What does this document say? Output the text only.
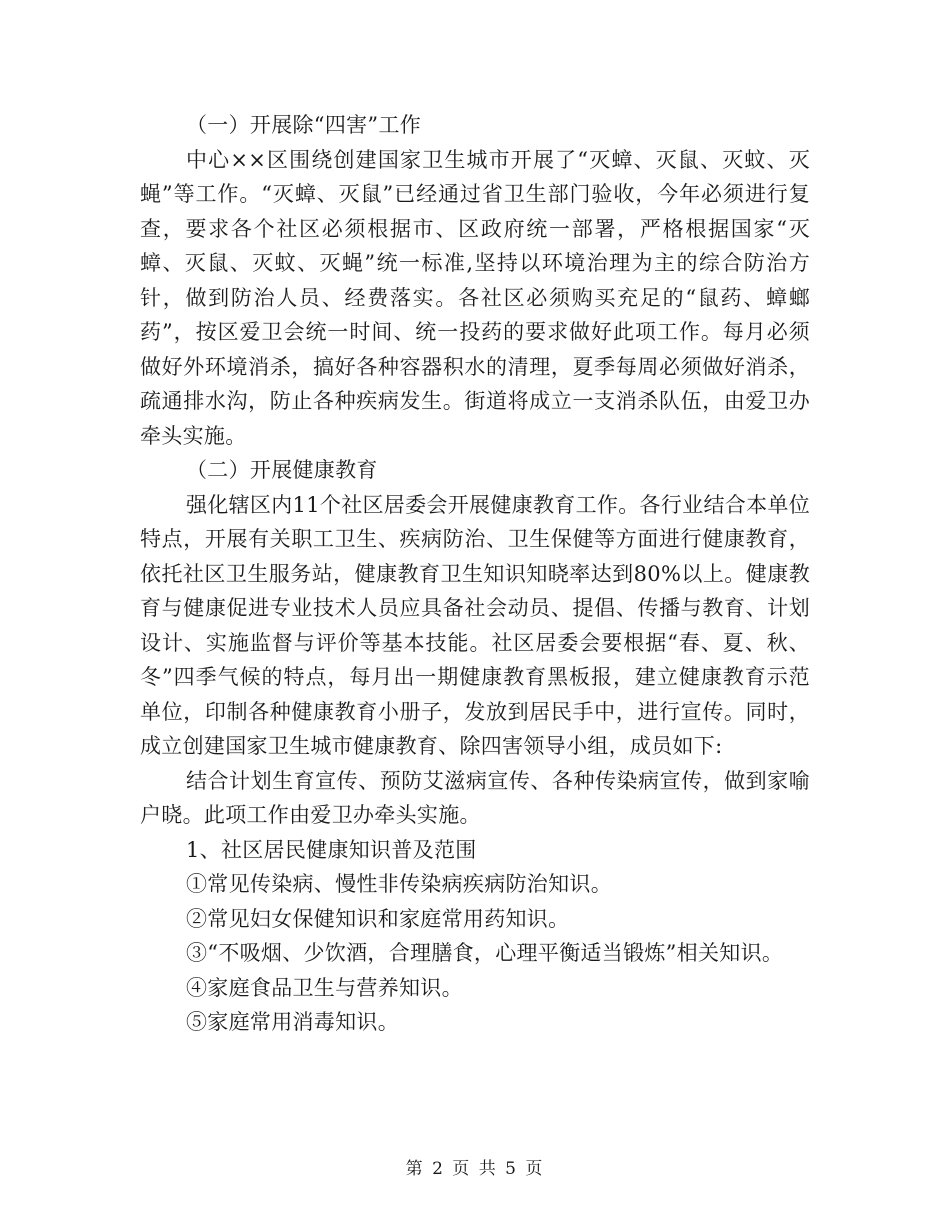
（一）开展除“四害”工作

中心××区围绕创建国家卫生城市开展了“灭蟑、灭鼠、灭蚊、灭蝇”等工作。“灭蟑、灭鼠”已经通过省卫生部门验收，今年必须进行复查，要求各个社区必须根据市、区政府统一部署，严格根据国家“灭蟑、灭鼠、灭蚊、灭蝇”统一标准,坚持以环境治理为主的综合防治方针，做到防治人员、经费落实。各社区必须购买充足的“鼠药、蟑螂药”，按区爱卫会统一时间、统一投药的要求做好此项工作。每月必须做好外环境消杀，搞好各种容器积水的清理，夏季每周必须做好消杀，疏通排水沟，防止各种疾病发生。街道将成立一支消杀队伍，由爱卫办牵头实施。

（二）开展健康教育

强化辖区内11个社区居委会开展健康教育工作。各行业结合本单位特点，开展有关职工卫生、疾病防治、卫生保健等方面进行健康教育，依托社区卫生服务站，健康教育卫生知识知晓率达到80%以上。健康教育与健康促进专业技术人员应具备社会动员、提倡、传播与教育、计划设计、实施监督与评价等基本技能。社区居委会要根据“春、夏、秋、冬”四季气候的特点，每月出一期健康教育黑板报，建立健康教育示范单位，印制各种健康教育小册子，发放到居民手中，进行宣传。同时，成立创建国家卫生城市健康教育、除四害领导小组，成员如下:

结合计划生育宣传、预防艾滋病宣传、各种传染病宣传，做到家喻户晓。此项工作由爱卫办牵头实施。

1、社区居民健康知识普及范围

①常见传染病、慢性非传染病疾病防治知识。

②常见妇女保健知识和家庭常用药知识。

③“不吸烟、少饮酒，合理膳食，心理平衡适当锻炼”相关知识。

④家庭食品卫生与营养知识。

⑤家庭常用消毒知识。

第 2 页 共 5 页
